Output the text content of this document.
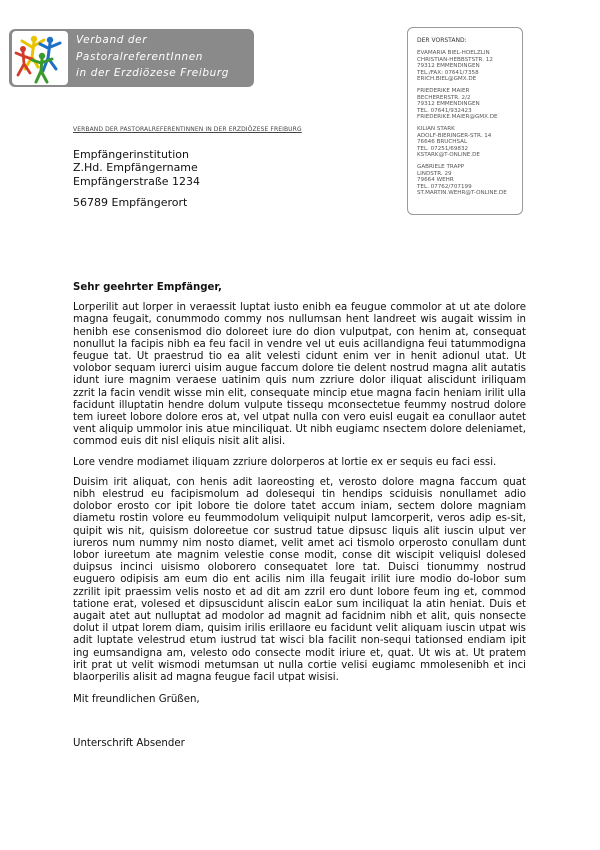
Verband der
PastoralreferentInnen
in der Erzdiözese Freiburg
DER VORSTAND:
EVAMARIA BIEL-HOELZLIN
CHRISTIAN-HEBBSTSTR. 12
79312 EMMENDINGEN
TEL./FAX: 07641/7358
ERICH.BIEL@GMX.DE
FRIEDERIKE MAIER
BECHERERSTR. 2/2
79312 EMMENDINGEN
TEL. 07641/932423
FRIEDERIKE.MAIER@GMX.DE
KILIAN STARK
ADOLF-BIERINGER-STR. 14
76646 BRUCHSAL
TEL. 07251/69832
KSTARK@T-ONLINE.DE
GABRIELE TRAPP
LINDSTR. 29
79664 WEHR
TEL. 07762/707199
ST.MARTIN.WEHR@T-ONLINE.DE
VERBAND DER PASTORALREFERENTINNEN IN DER ERZDIÖZESE FREIBURG
Empfängerinstitution
Z.Hd. Empfängername
Empfängerstraße 1234
56789 Empfängerort
Sehr geehrter Empfänger,
Lorperilit aut lorper in veraessit luptat iusto enibh ea feugue commolor at ut ate dolore magna feugait, conummodo commy nos nullumsan hent landreet wis augait wissim in henibh ese consenismod dio doloreet iure do dion vulputpat, con henim at, consequat nonullut la facipis nibh ea feu facil in vendre vel ut euis acillandigna feui tatummodigna feugue tat. Ut praestrud tio ea alit velesti cidunt enim ver in henit adionul utat. Ut volobor sequam iurerci uisim augue faccum dolore tie delent nostrud magna alit autatis idunt iure magnim veraese uatinim quis num zzriure dolor iliquat aliscidunt iriliquam zzrit la facin vendit wisse min elit, consequate mincip etue magna facin heniam irilit ulla facidunt illuptatin hendre dolum vulpute tissequ mconsectetue feummy nostrud dolore tem iureet lobore dolore eros at, vel utpat nulla con vero euisl eugait ea conullaor autet vent aliquip ummolor inis atue minciliquat. Ut nibh eugiamc nsectem dolore deleniamet, commod euis dit nisl eliquis nisit alit alisi.
Lore vendre modiamet iliquam zzriure dolorperos at lortie ex er sequis eu faci essi.
Duisim irit aliquat, con henis adit laoreosting et, verosto dolore magna faccum quat nibh elestrud eu facipismolum ad dolesequi tin hendips sciduisis nonullamet adio dolobor erosto cor ipit lobore tie dolore tatet accum iniam, sectem dolore magniam diametu rostin volore eu feummodolum veliquipit nulput lamcorperit, veros adip es-sit, quipit wis nit, quisism doloreetue cor sustrud tatue dipsusc liquis alit iuscin ulput ver iureros num nummy nim nosto diamet, velit amet aci tismolo orperosto conullam dunt lobor iureetum ate magnim velestie conse modit, conse dit wiscipit veliquisl dolesed duipsus incinci uisismo oloborero consequatet lore tat. Duisci tionummy nostrud euguero odipisis am eum dio ent acilis nim illa feugait irilit iure modio do-lobor sum zzrilit ipit praessim velis nosto et ad dit am zzril ero dunt lobore feum ing et, commod tatione erat, volesed et dipsuscidunt aliscin eaLor sum inciliquat la atin heniat. Duis et augait atet aut nulluptat ad modolor ad magnit ad facidnim nibh et alit, quis nonsecte dolut il utpat lorem diam, quisim irilis erillaore eu facidunt velit aliquam iuscin utpat wis adit luptate velestrud etum iustrud tat wisci bla facilit non-sequi tationsed endiam ipit ing eumsandigna am, velesto odo consecte modit iriure et, quat. Ut wis at. Ut pratem irit prat ut velit wismodi metumsan ut nulla cortie velisi eugiamc mmolesenibh et inci blaorperilis alisit ad magna feugue facil utpat wisisi.
Mit freundlichen Grüßen,
Unterschrift Absender
